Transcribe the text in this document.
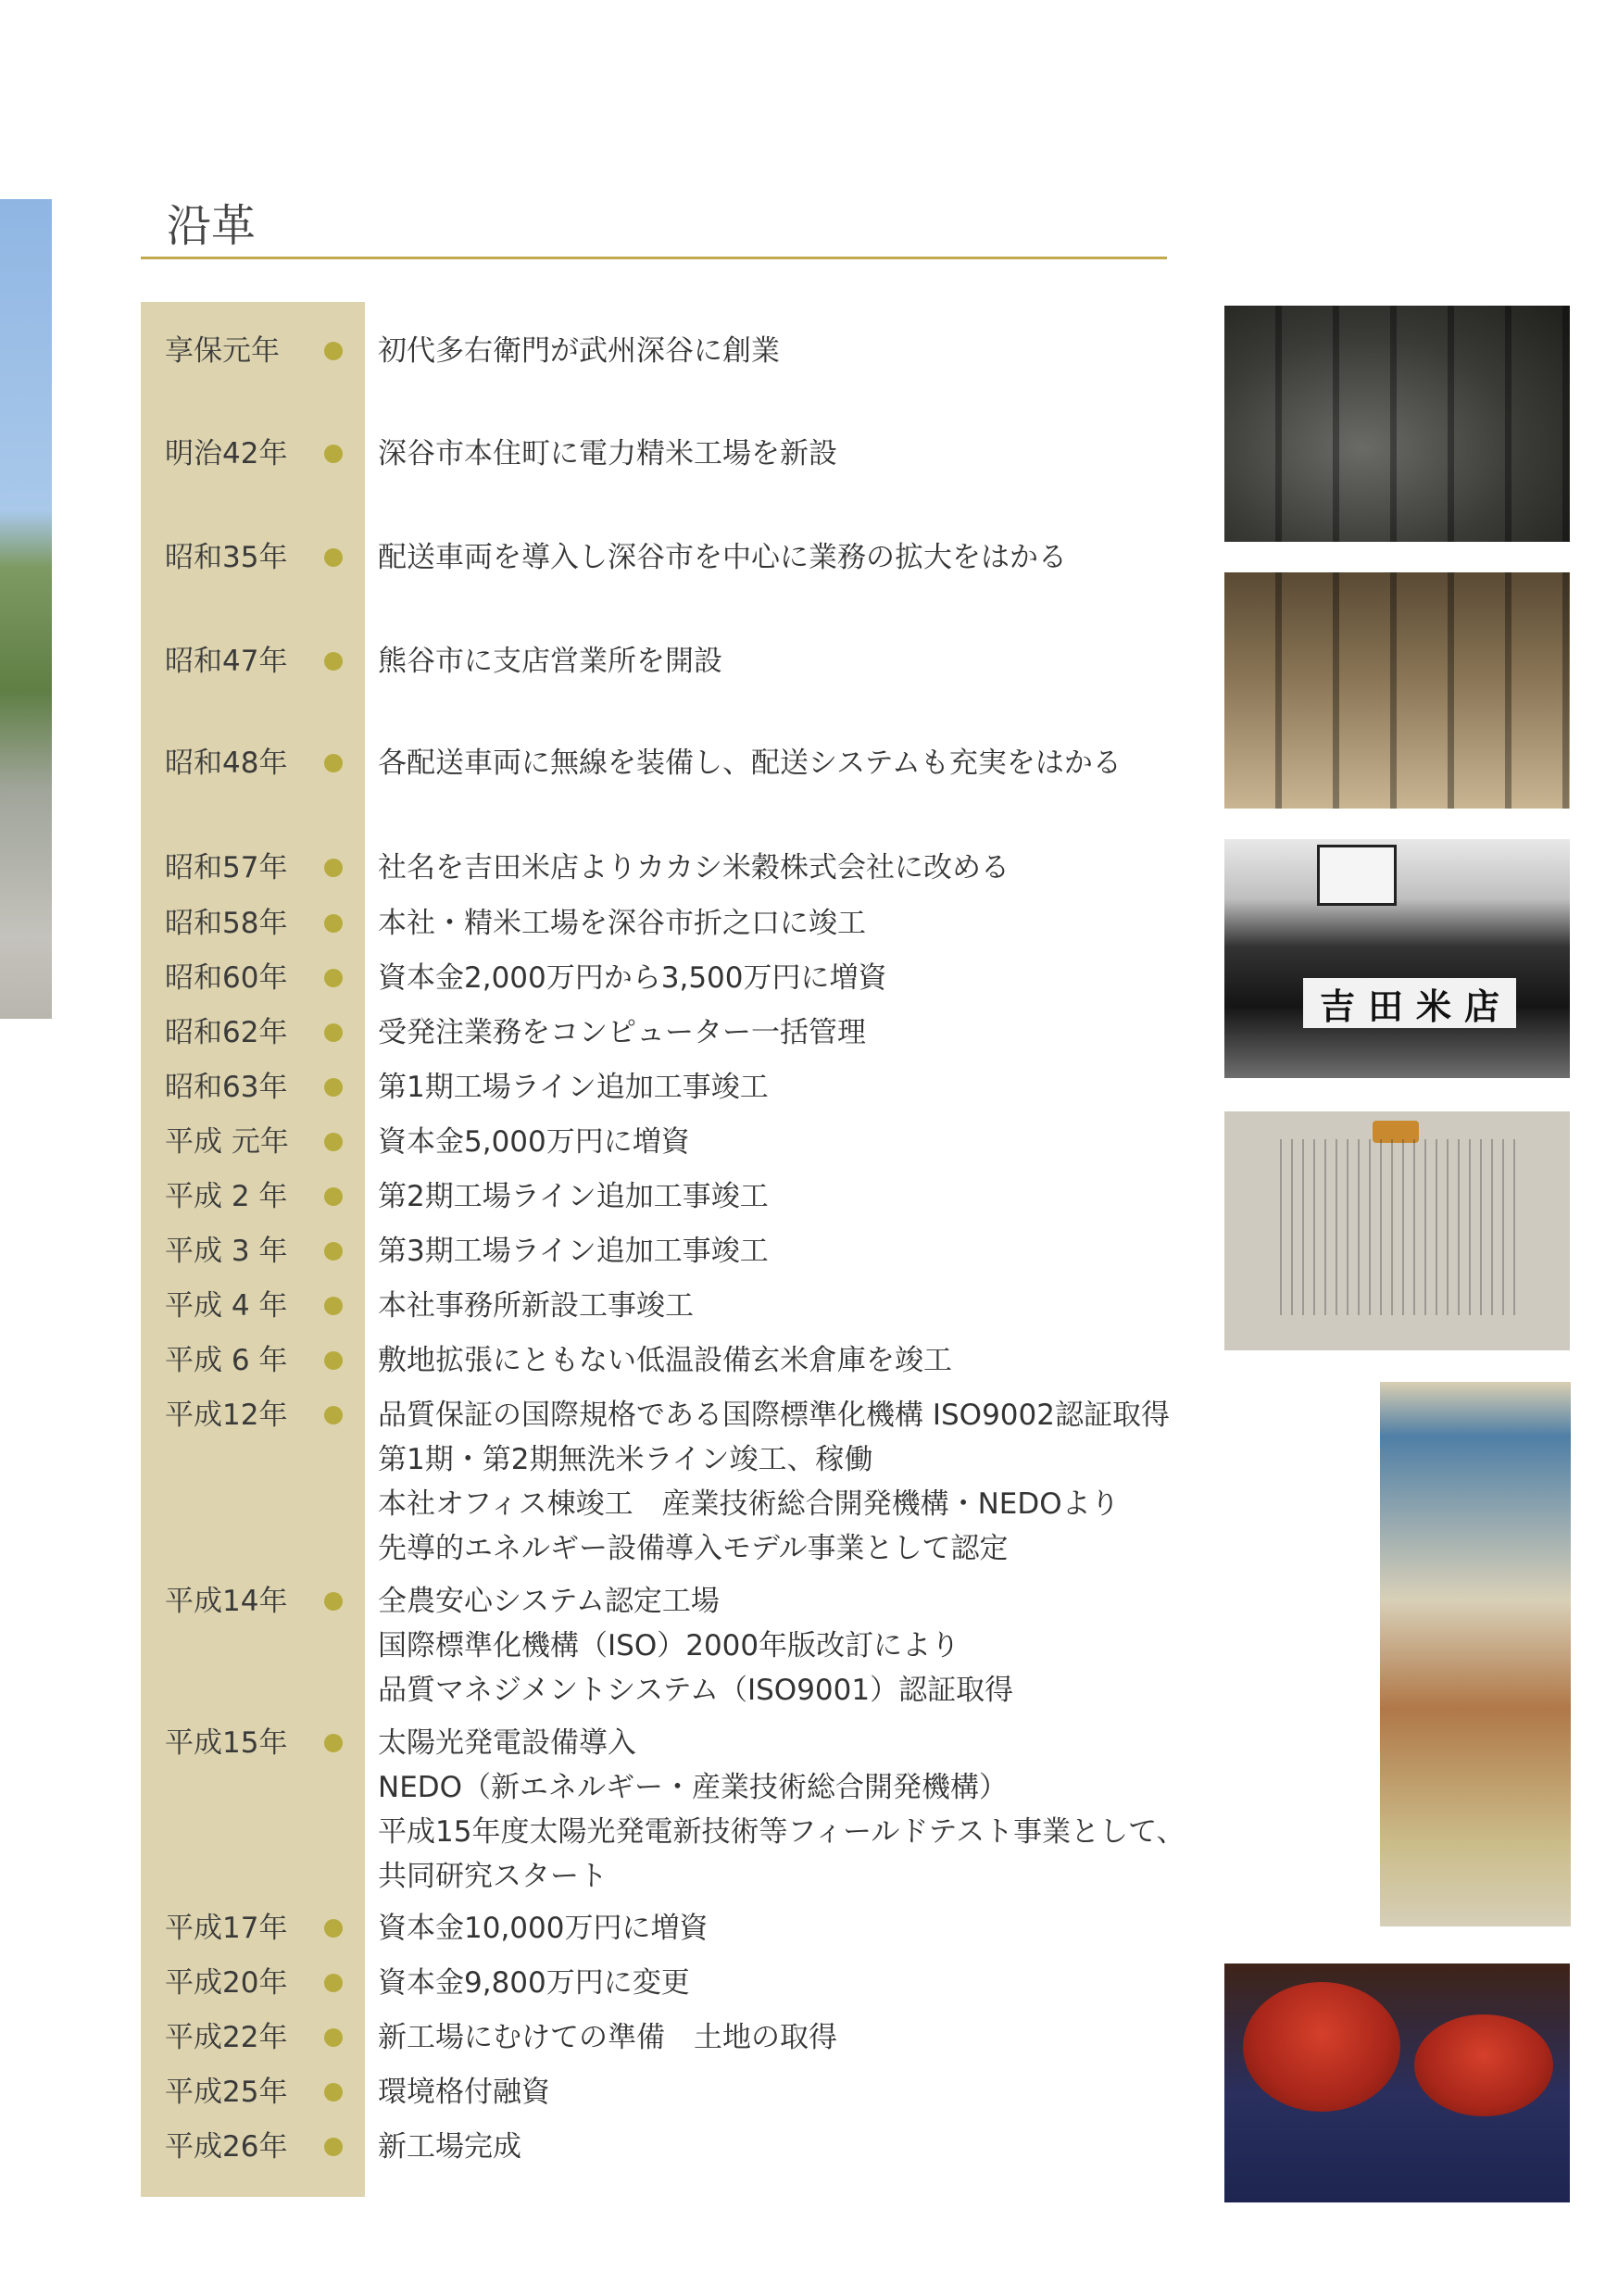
沿革
享保元年	初代多右衛門が武州深谷に創業
明治42年	深谷市本住町に電力精米工場を新設
昭和35年	配送車両を導入し深谷市を中心に業務の拡大をはかる
昭和47年	熊谷市に支店営業所を開設
昭和48年	各配送車両に無線を装備し、配送システムも充実をはかる
昭和57年	社名を吉田米店よりカカシ米穀株式会社に改める
昭和58年	本社・精米工場を深谷市折之口に竣工
昭和60年	資本金2,000万円から3,500万円に増資
昭和62年	受発注業務をコンピューター一括管理
昭和63年	第1期工場ライン追加工事竣工
平成 元年	資本金5,000万円に増資
平成 2 年	第2期工場ライン追加工事竣工
平成 3 年	第3期工場ライン追加工事竣工
平成 4 年	本社事務所新設工事竣工
平成 6 年	敷地拡張にともない低温設備玄米倉庫を竣工
平成12年	品質保証の国際規格である国際標準化機構 ISO9002認証取得
第1期・第2期無洗米ライン竣工、稼働
本社オフィス棟竣工　産業技術総合開発機構・NEDOより
先導的エネルギー設備導入モデル事業として認定
平成14年	全農安心システム認定工場
国際標準化機構（ISO）2000年版改訂により
品質マネジメントシステム（ISO9001）認証取得
平成15年	太陽光発電設備導入
NEDO（新エネルギー・産業技術総合開発機構）
平成15年度太陽光発電新技術等フィールドテスト事業として、
共同研究スタート
平成17年	資本金10,000万円に増資
平成20年	資本金9,800万円に変更
平成22年	新工場にむけての準備　土地の取得
平成25年	環境格付融資
平成26年	新工場完成
吉 田 米 店
